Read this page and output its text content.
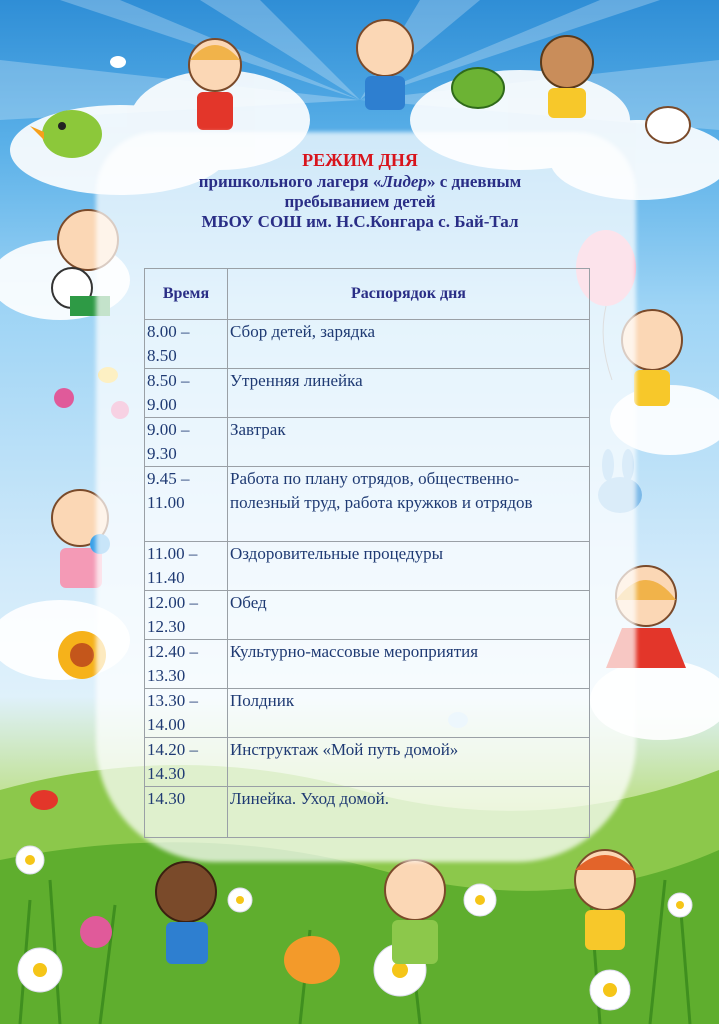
РЕЖИМ ДНЯ
пришкольного лагеря «Лидер» с дневным
пребыванием детей
МБОУ СОШ им. Н.С.Конгара с. Бай-Тал
Время	Распорядок дня
8.00 –
8.50	Сбор детей, зарядка
8.50 –
9.00	Утренняя линейка
9.00 –
9.30	Завтрак
9.45 –
11.00	Работа по плану отрядов, общественно-полезный труд, работа кружков и отрядов
11.00 –
11.40	Оздоровительные процедуры
12.00 –
12.30	Обед
12.40 –
13.30	Культурно-массовые мероприятия
13.30 –
14.00	Полдник
14.20 –
14.30	Инструктаж «Мой путь домой»
14.30	Линейка. Уход домой.
